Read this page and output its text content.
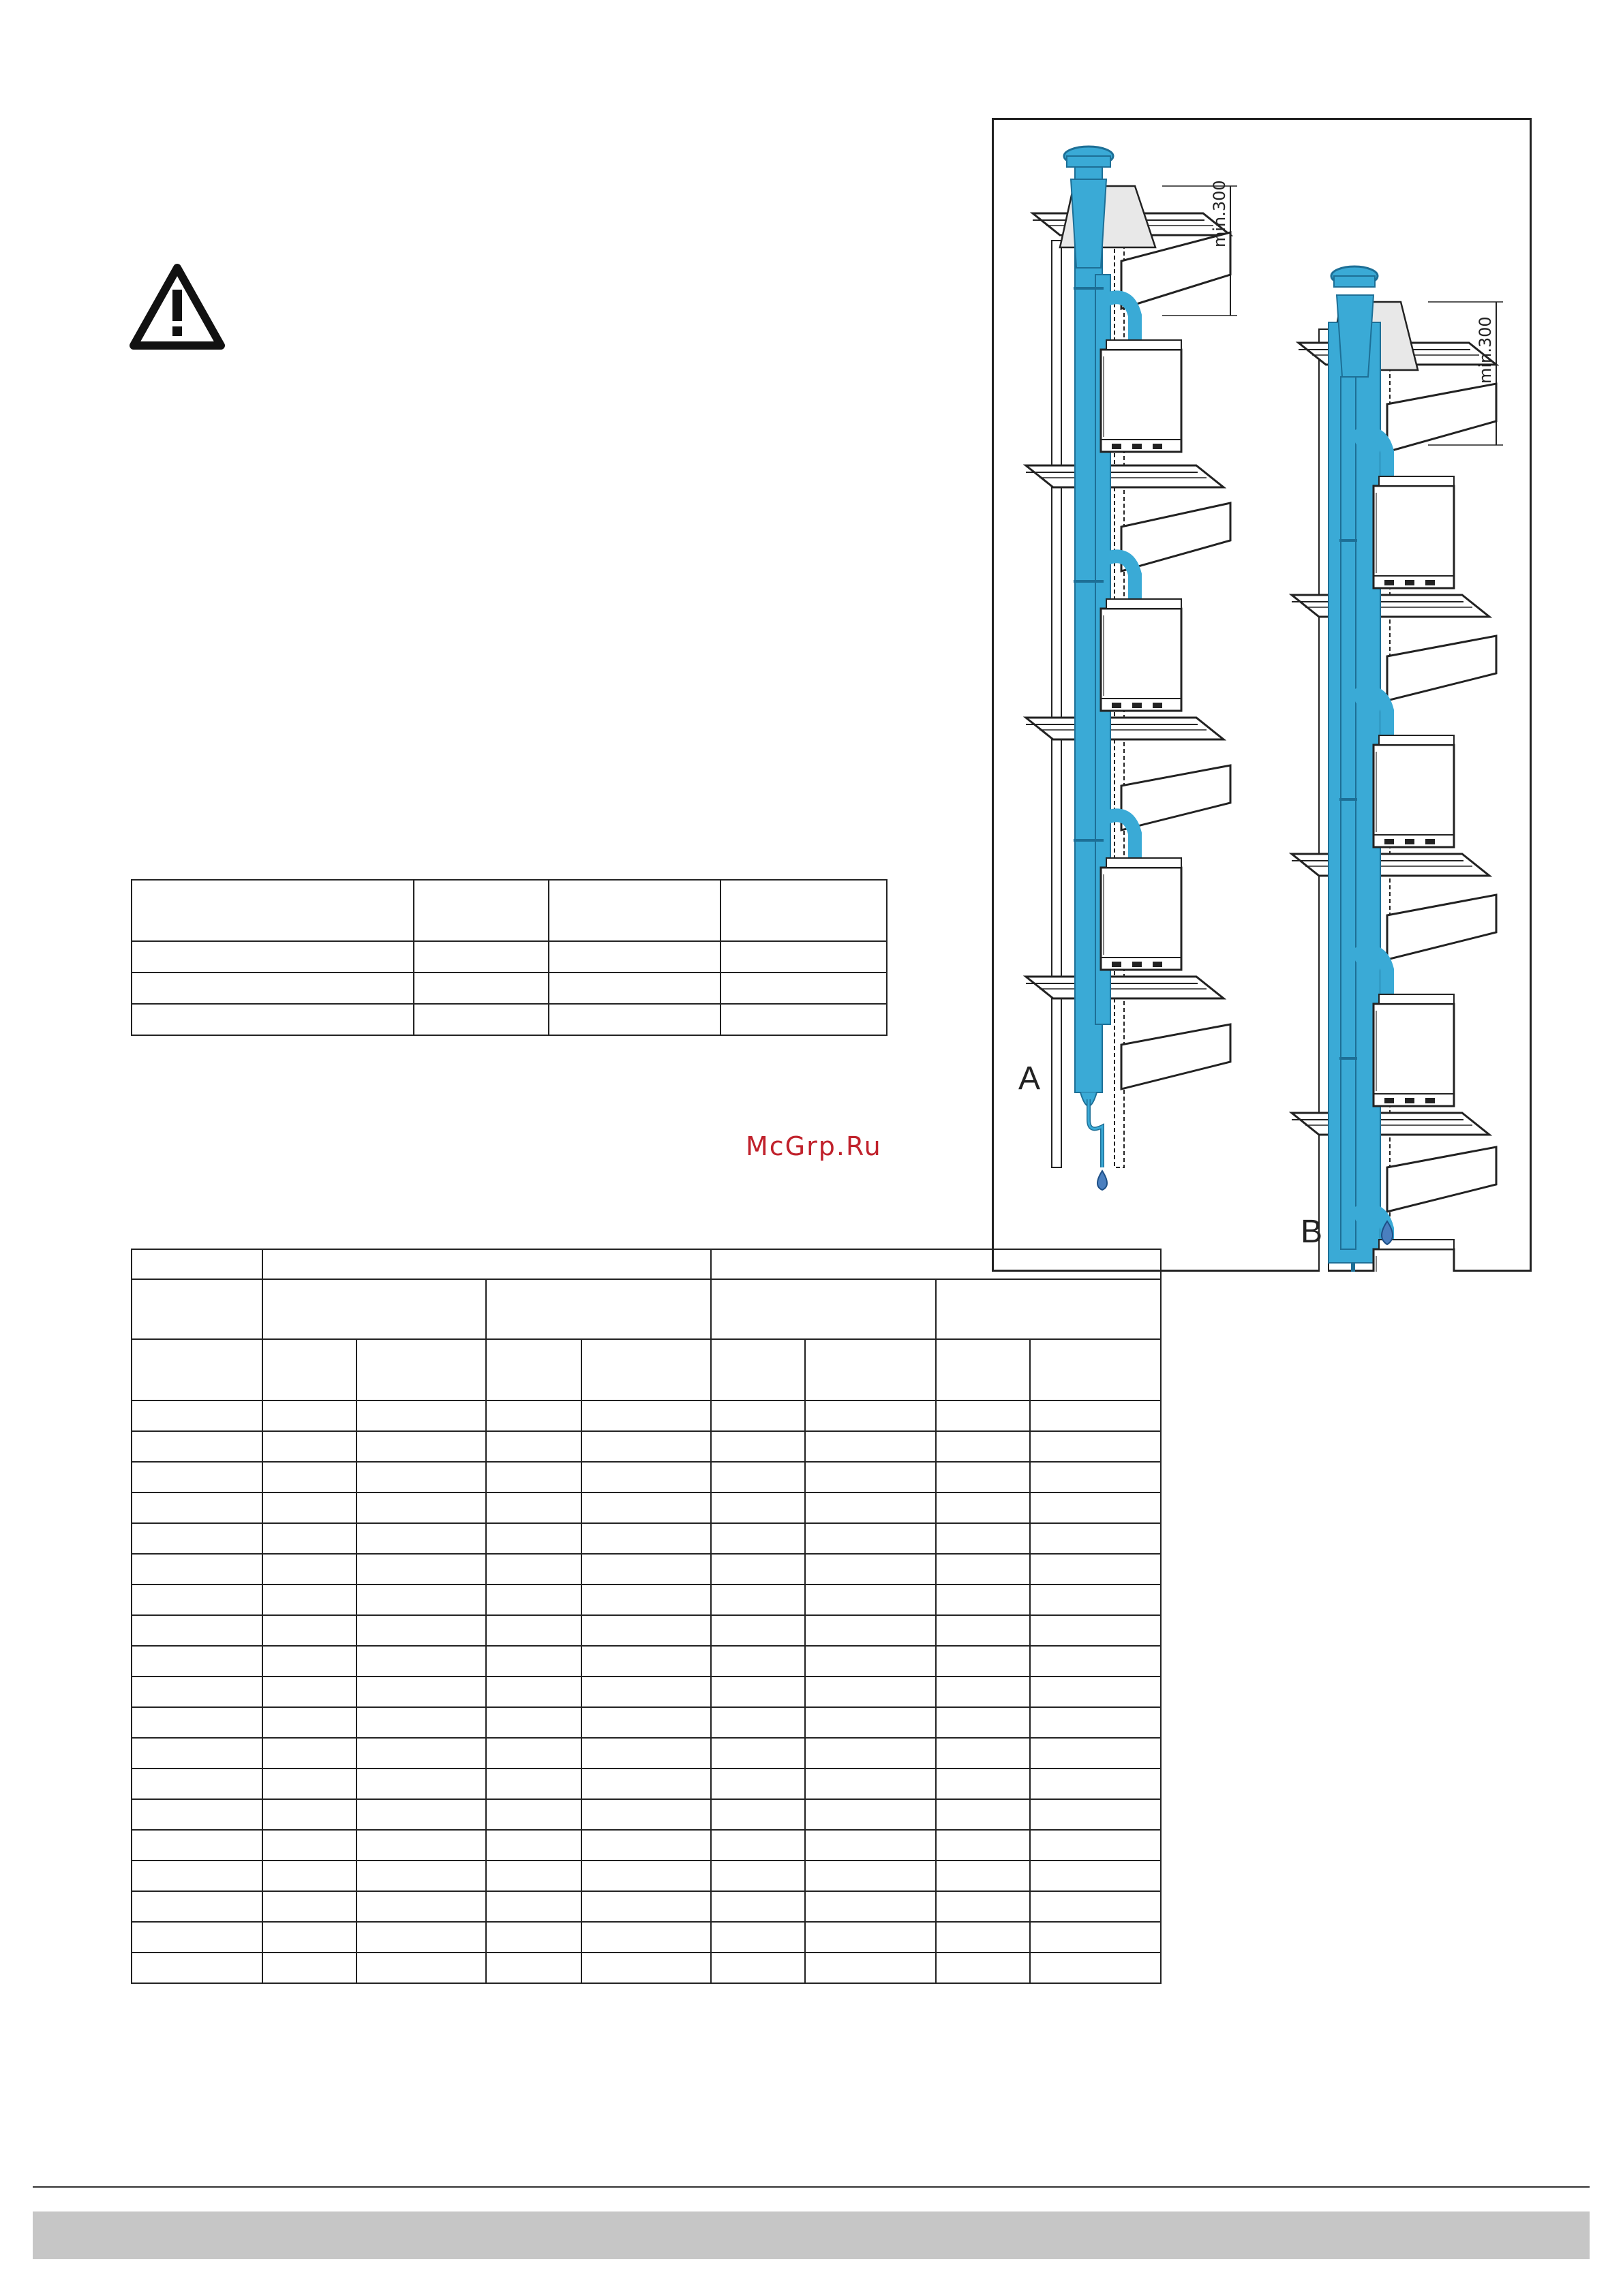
McGrp.Ru

min.300
min.300
A
B
